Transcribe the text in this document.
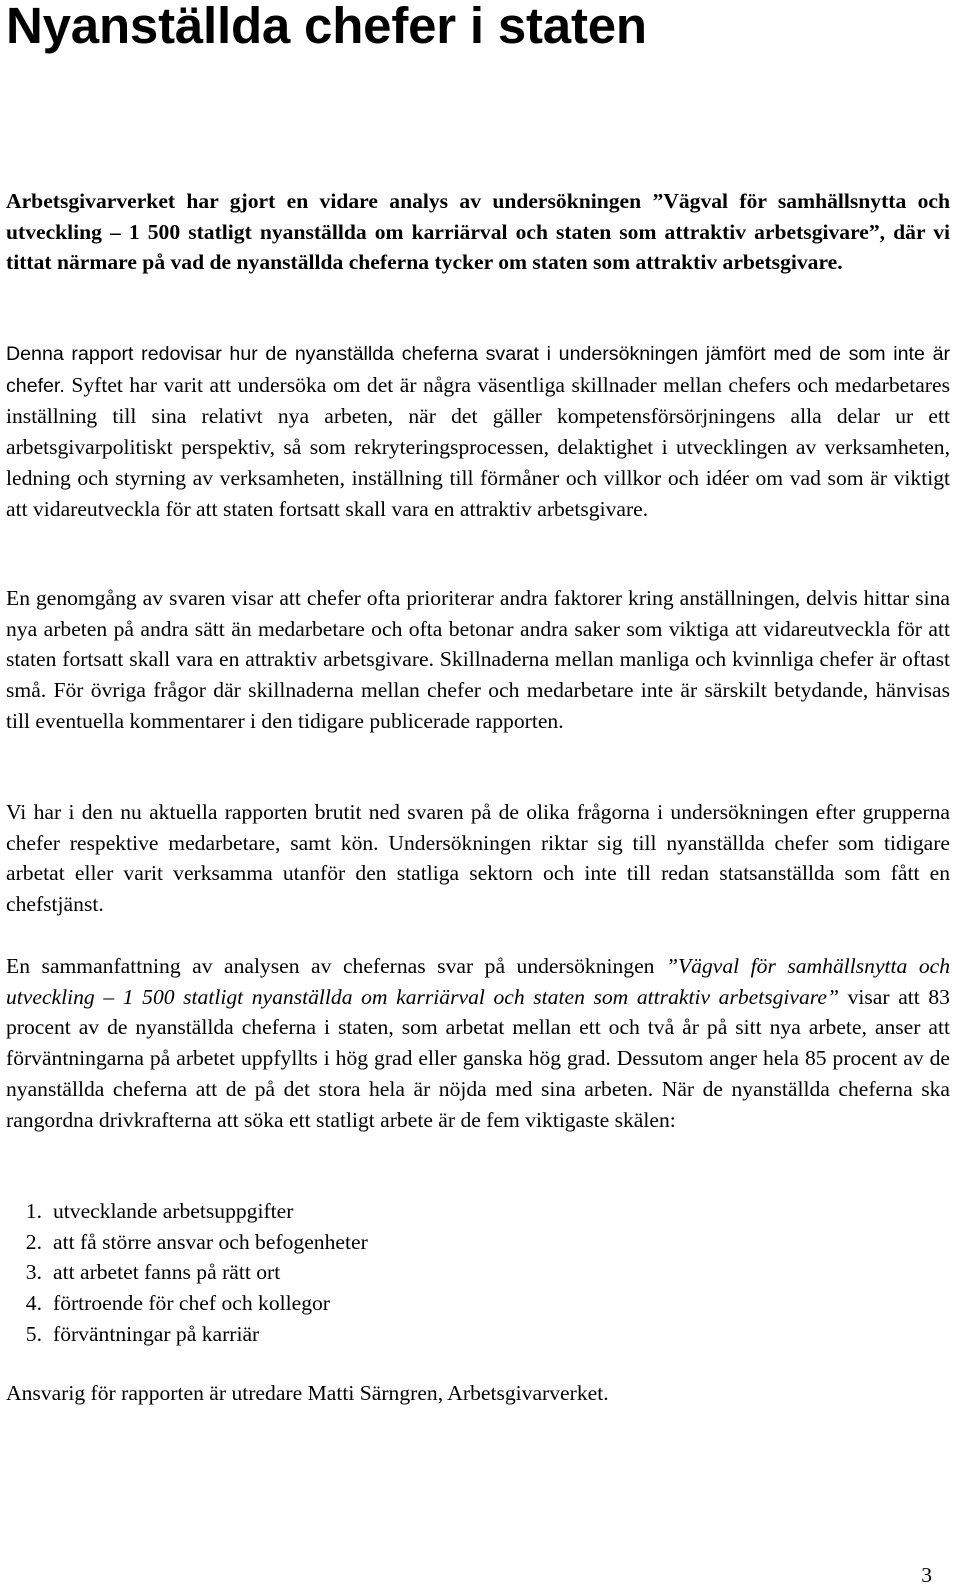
Nyanställda chefer i staten

Arbetsgivarverket har gjort en vidare analys av undersökningen ”Vägval för samhällsnytta och utveckling – 1 500 statligt nyanställda om karriärval och staten som attraktiv arbetsgivare”, där vi tittat närmare på vad de nyanställda cheferna tycker om staten som attraktiv arbetsgivare.

Denna rapport redovisar hur de nyanställda cheferna svarat i undersökningen jämfört med de som inte är chefer. Syftet har varit att undersöka om det är några väsentliga skillnader mellan chefers och medarbetares inställning till sina relativt nya arbeten, när det gäller kompetensförsörjningens alla delar ur ett arbetsgivarpolitiskt perspektiv, så som rekryteringsprocessen, delaktighet i utvecklingen av verksamheten, ledning och styrning av verksamheten, inställning till förmåner och villkor och idéer om vad som är viktigt att vidareutveckla för att staten fortsatt skall vara en attraktiv arbetsgivare.

En genomgång av svaren visar att chefer ofta prioriterar andra faktorer kring anställningen, delvis hittar sina nya arbeten på andra sätt än medarbetare och ofta betonar andra saker som viktiga att vidareutveckla för att staten fortsatt skall vara en attraktiv arbetsgivare. Skillnaderna mellan manliga och kvinnliga chefer är oftast små. För övriga frågor där skillnaderna mellan chefer och medarbetare inte är särskilt betydande, hänvisas till eventuella kommentarer i den tidigare publicerade rapporten.

Vi har i den nu aktuella rapporten brutit ned svaren på de olika frågorna i undersökningen efter grupperna chefer respektive medarbetare, samt kön. Undersökningen riktar sig till nyanställda chefer som tidigare arbetat eller varit verksamma utanför den statliga sektorn och inte till redan statsanställda som fått en chefstjänst.

En sammanfattning av analysen av chefernas svar på undersökningen ”Vägval för samhällsnytta och utveckling – 1 500 statligt nyanställda om karriärval och staten som attraktiv arbetsgivare” visar att 83 procent av de nyanställda cheferna i staten, som arbetat mellan ett och två år på sitt nya arbete, anser att förväntningarna på arbetet uppfyllts i hög grad eller ganska hög grad. Dessutom anger hela 85 procent av de nyanställda cheferna att de på det stora hela är nöjda med sina arbeten. När de nyanställda cheferna ska rangordna drivkrafterna att söka ett statligt arbete är de fem viktigaste skälen:

1. utvecklande arbetsuppgifter
2. att få större ansvar och befogenheter
3. att arbetet fanns på rätt ort
4. förtroende för chef och kollegor
5. förväntningar på karriär

Ansvarig för rapporten är utredare Matti Särngren, Arbetsgivarverket.

3
